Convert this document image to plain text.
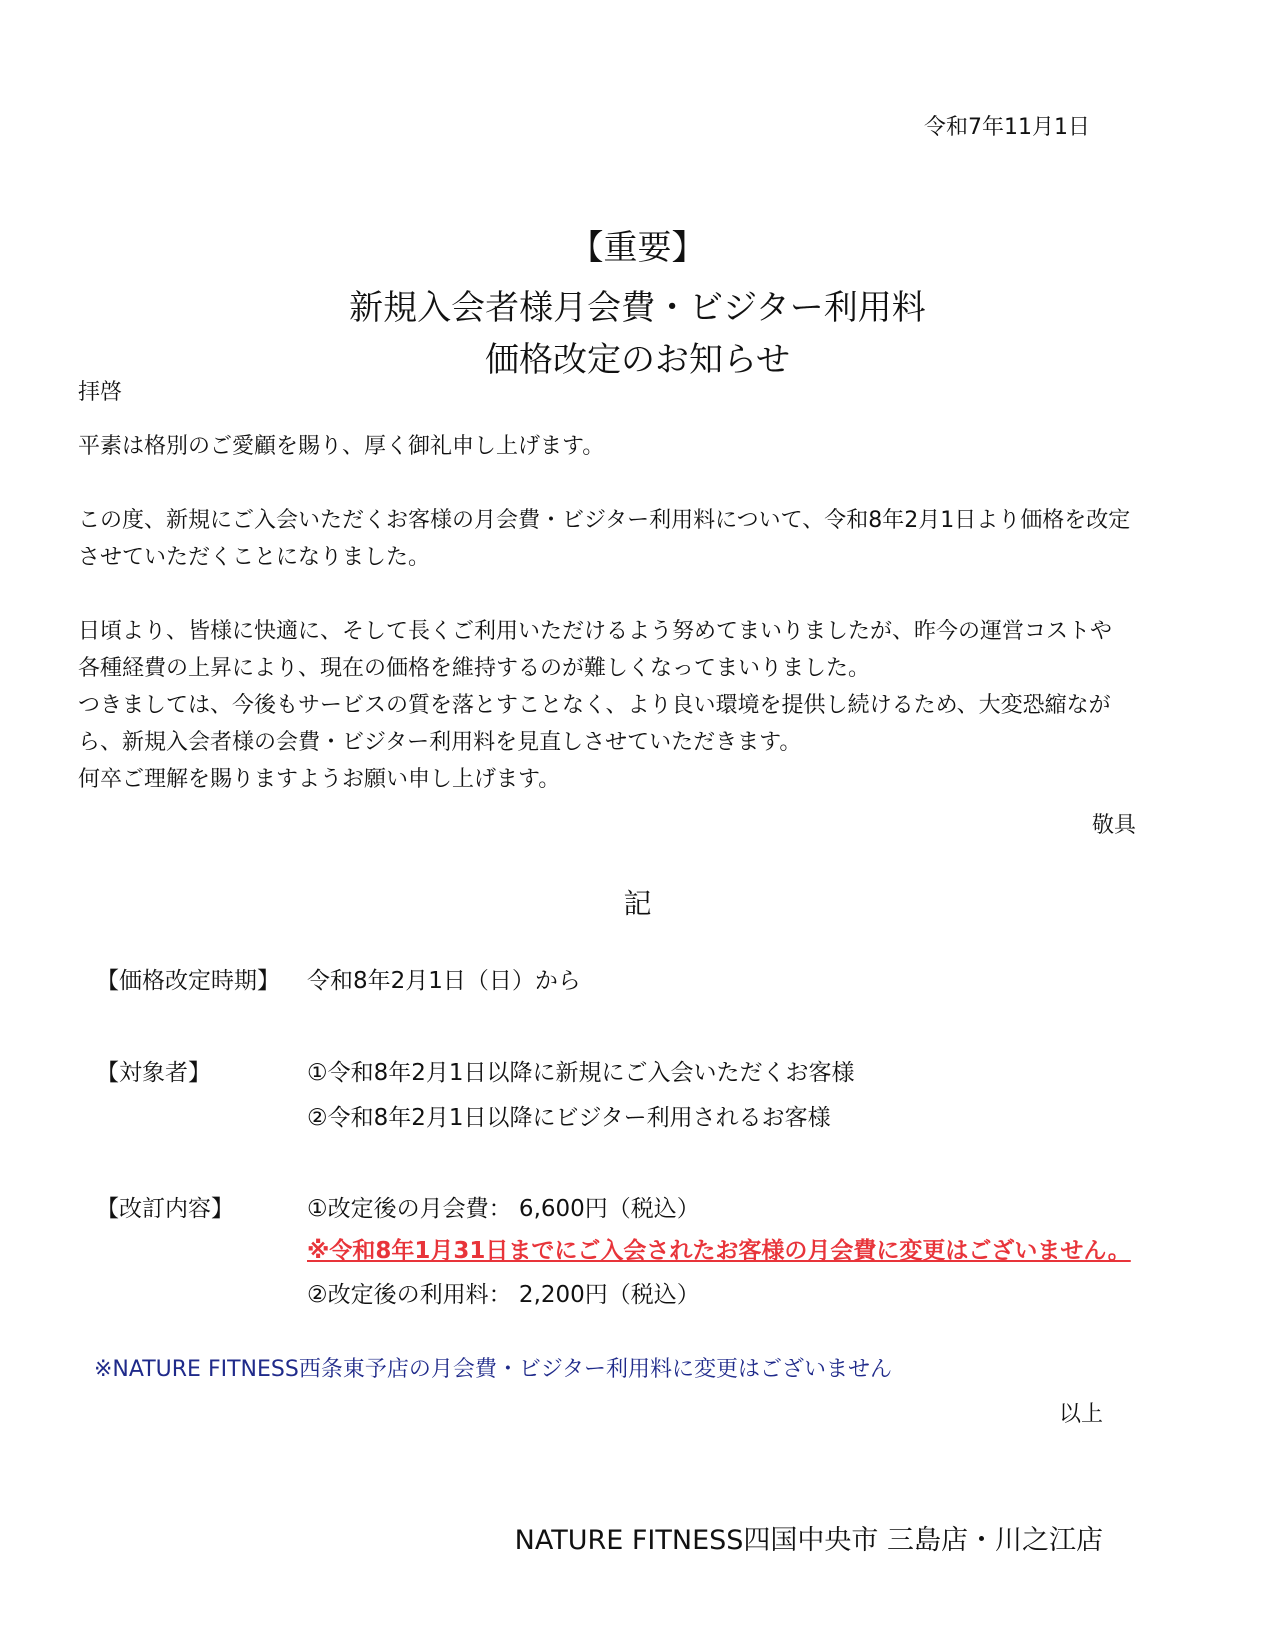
令和7年11月1日
【重要】
新規入会者様月会費・ビジター利用料
価格改定のお知らせ
拝啓
平素は格別のご愛顧を賜り、厚く御礼申し上げます。
この度、新規にご入会いただくお客様の月会費・ビジター利用料について、令和8年2月1日より価格を改定
させていただくことになりました。
日頃より、皆様に快適に、そして長くご利用いただけるよう努めてまいりましたが、昨今の運営コストや
各種経費の上昇により、現在の価格を維持するのが難しくなってまいりました。
つきましては、今後もサービスの質を落とすことなく、より良い環境を提供し続けるため、大変恐縮なが
ら、新規入会者様の会費・ビジター利用料を見直しさせていただきます。
何卒ご理解を賜りますようお願い申し上げます。
敬具
記
【価格改定時期】 令和8年2月1日（日）から
【対象者】	①令和8年2月1日以降に新規にご入会いただくお客様
②令和8年2月1日以降にビジター利用されるお客様
【改訂内容】	①改定後の月会費： 6,600円（税込）
※令和8年1月31日までにご入会されたお客様の月会費に変更はございません。
②改定後の利用料： 2,200円（税込）
※NATURE FITNESS西条東予店の月会費・ビジター利用料に変更はございません
以上
NATURE FITNESS四国中央市 三島店・川之江店
